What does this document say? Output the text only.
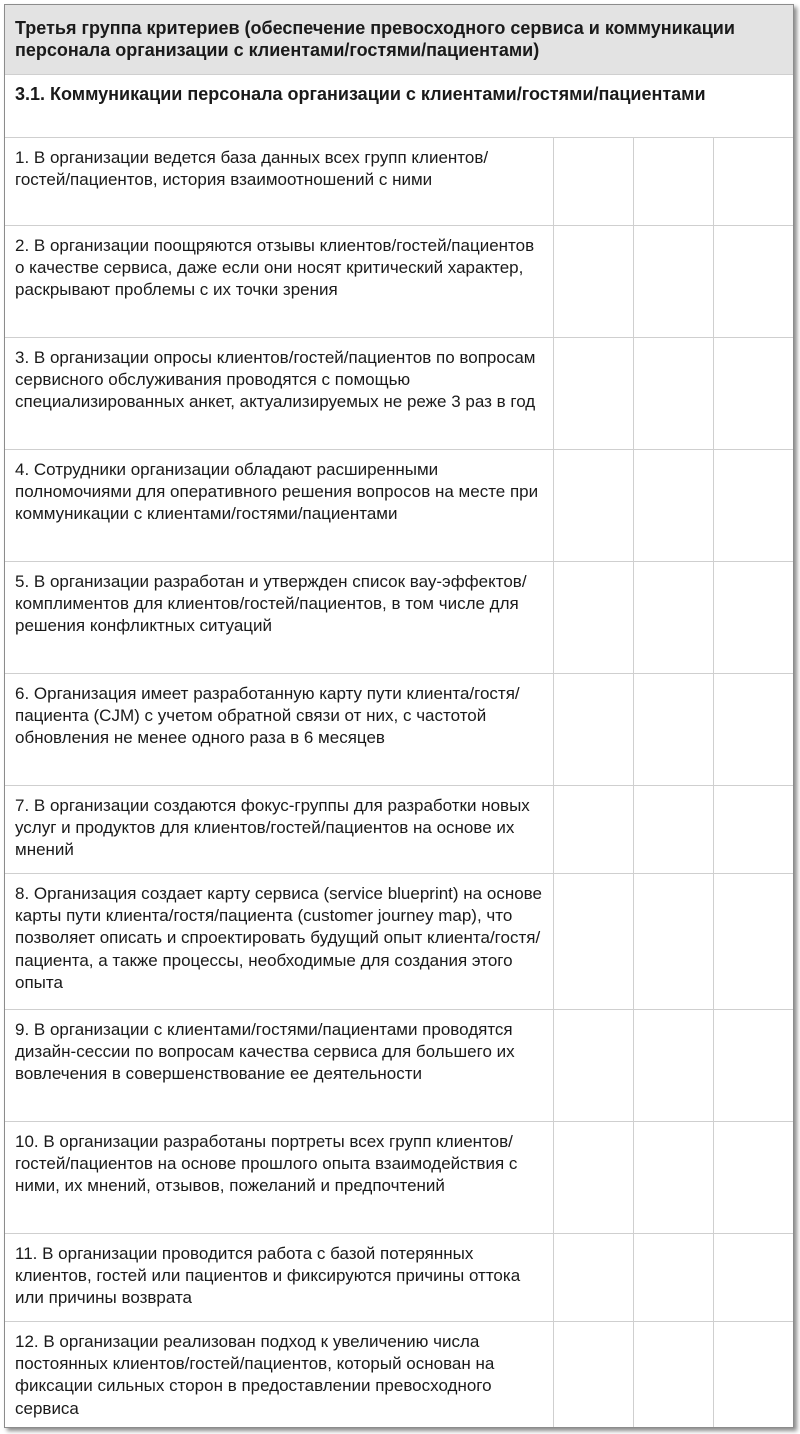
Третья группа критериев (обеспечение превосходного сервиса и коммуникации персонала организации с клиентами/гостями/пациентами)			
3.1. Коммуникации персонала организации с клиентами/гостями/пациентами			
1. В организации ведется база данных всех групп клиентов/гостей/пациентов, история взаимоотношений с ними			
2. В организации поощряются отзывы клиентов/гостей/пациентов о качестве сервиса, даже если они носят критический характер, раскрывают проблемы с их точки зрения			
3. В организации опросы клиентов/гостей/пациентов по вопросам сервисного обслуживания проводятся с помощью специализированных анкет, актуализируемых не реже 3 раз в год			
4. Сотрудники организации обладают расширенными полномочиями для оперативного решения вопросов на месте при коммуникации с клиентами/гостями/пациентами			
5. В организации разработан и утвержден список вау-эффектов/комплиментов для клиентов/гостей/пациентов, в том числе для решения конфликтных ситуаций			
6. Организация имеет разработанную карту пути клиента/гостя/пациента (CJM) с учетом обратной связи от них, с частотой обновления не менее одного раза в 6 месяцев			
7. В организации создаются фокус-группы для разработки новых услуг и продуктов для клиентов/гостей/пациентов на основе их мнений			
8. Организация создает карту сервиса (service blueprint) на основе карты пути клиента/гостя/пациента (customer journey map), что позволяет описать и спроектировать будущий опыт клиента/гостя/пациента, а также процессы, необходимые для создания этого опыта			
9. В организации с клиентами/гостями/пациентами проводятся дизайн-сессии по вопросам качества сервиса для большего их вовлечения в совершенствование ее деятельности			
10. В организации разработаны портреты всех групп клиентов/гостей/пациентов на основе прошлого опыта взаимодействия с ними, их мнений, отзывов, пожеланий и предпочтений			
11. В организации проводится работа с базой потерянных клиентов, гостей или пациентов и фиксируются причины оттока или причины возврата			
12. В организации реализован подход к увеличению числа постоянных клиентов/гостей/пациентов, который основан на фиксации сильных сторон в предоставлении превосходного сервиса			
